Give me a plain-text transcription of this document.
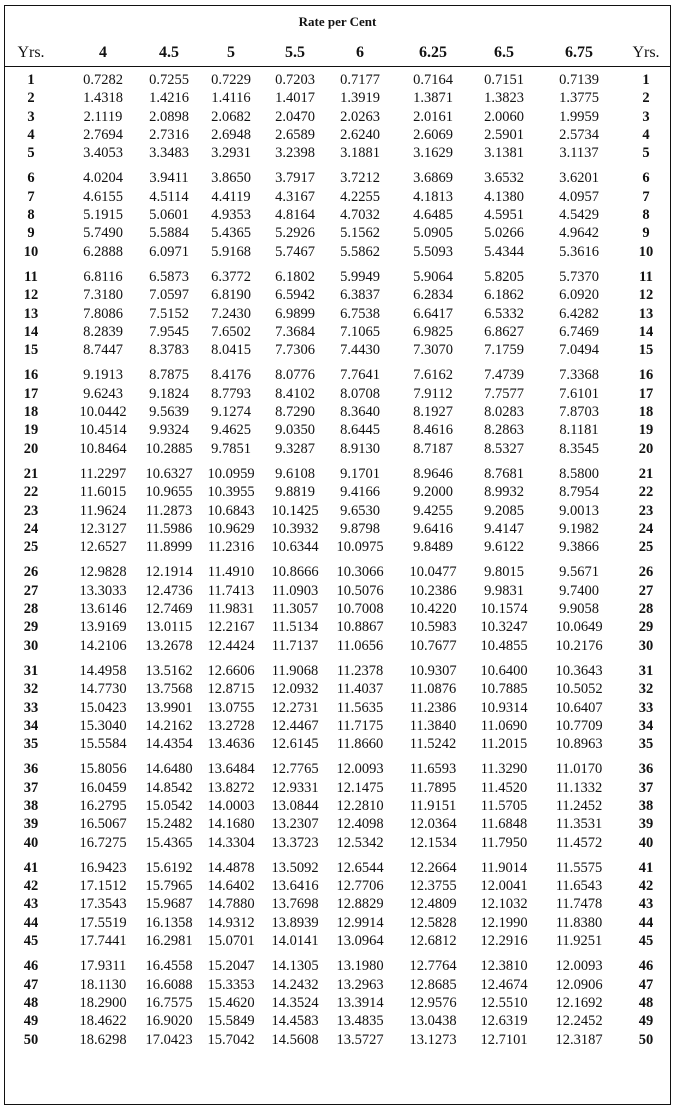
Rate per Cent
Yrs.	4	4.5	5	5.5	6	6.25	6.5	6.75	Yrs.
1	0.7282	0.7255	0.7229	0.7203	0.7177	0.7164	0.7151	0.7139	1
2	1.4318	1.4216	1.4116	1.4017	1.3919	1.3871	1.3823	1.3775	2
3	2.1119	2.0898	2.0682	2.0470	2.0263	2.0161	2.0060	1.9959	3
4	2.7694	2.7316	2.6948	2.6589	2.6240	2.6069	2.5901	2.5734	4
5	3.4053	3.3483	3.2931	3.2398	3.1881	3.1629	3.1381	3.1137	5
6	4.0204	3.9411	3.8650	3.7917	3.7212	3.6869	3.6532	3.6201	6
7	4.6155	4.5114	4.4119	4.3167	4.2255	4.1813	4.1380	4.0957	7
8	5.1915	5.0601	4.9353	4.8164	4.7032	4.6485	4.5951	4.5429	8
9	5.7490	5.5884	5.4365	5.2926	5.1562	5.0905	5.0266	4.9642	9
10	6.2888	6.0971	5.9168	5.7467	5.5862	5.5093	5.4344	5.3616	10
11	6.8116	6.5873	6.3772	6.1802	5.9949	5.9064	5.8205	5.7370	11
12	7.3180	7.0597	6.8190	6.5942	6.3837	6.2834	6.1862	6.0920	12
13	7.8086	7.5152	7.2430	6.9899	6.7538	6.6417	6.5332	6.4282	13
14	8.2839	7.9545	7.6502	7.3684	7.1065	6.9825	6.8627	6.7469	14
15	8.7447	8.3783	8.0415	7.7306	7.4430	7.3070	7.1759	7.0494	15
16	9.1913	8.7875	8.4176	8.0776	7.7641	7.6162	7.4739	7.3368	16
17	9.6243	9.1824	8.7793	8.4102	8.0708	7.9112	7.7577	7.6101	17
18	10.0442	9.5639	9.1274	8.7290	8.3640	8.1927	8.0283	7.8703	18
19	10.4514	9.9324	9.4625	9.0350	8.6445	8.4616	8.2863	8.1181	19
20	10.8464	10.2885	9.7851	9.3287	8.9130	8.7187	8.5327	8.3545	20
21	11.2297	10.6327	10.0959	9.6108	9.1701	8.9646	8.7681	8.5800	21
22	11.6015	10.9655	10.3955	9.8819	9.4166	9.2000	8.9932	8.7954	22
23	11.9624	11.2873	10.6843	10.1425	9.6530	9.4255	9.2085	9.0013	23
24	12.3127	11.5986	10.9629	10.3932	9.8798	9.6416	9.4147	9.1982	24
25	12.6527	11.8999	11.2316	10.6344	10.0975	9.8489	9.6122	9.3866	25
26	12.9828	12.1914	11.4910	10.8666	10.3066	10.0477	9.8015	9.5671	26
27	13.3033	12.4736	11.7413	11.0903	10.5076	10.2386	9.9831	9.7400	27
28	13.6146	12.7469	11.9831	11.3057	10.7008	10.4220	10.1574	9.9058	28
29	13.9169	13.0115	12.2167	11.5134	10.8867	10.5983	10.3247	10.0649	29
30	14.2106	13.2678	12.4424	11.7137	11.0656	10.7677	10.4855	10.2176	30
31	14.4958	13.5162	12.6606	11.9068	11.2378	10.9307	10.6400	10.3643	31
32	14.7730	13.7568	12.8715	12.0932	11.4037	11.0876	10.7885	10.5052	32
33	15.0423	13.9901	13.0755	12.2731	11.5635	11.2386	10.9314	10.6407	33
34	15.3040	14.2162	13.2728	12.4467	11.7175	11.3840	11.0690	10.7709	34
35	15.5584	14.4354	13.4636	12.6145	11.8660	11.5242	11.2015	10.8963	35
36	15.8056	14.6480	13.6484	12.7765	12.0093	11.6593	11.3290	11.0170	36
37	16.0459	14.8542	13.8272	12.9331	12.1475	11.7895	11.4520	11.1332	37
38	16.2795	15.0542	14.0003	13.0844	12.2810	11.9151	11.5705	11.2452	38
39	16.5067	15.2482	14.1680	13.2307	12.4098	12.0364	11.6848	11.3531	39
40	16.7275	15.4365	14.3304	13.3723	12.5342	12.1534	11.7950	11.4572	40
41	16.9423	15.6192	14.4878	13.5092	12.6544	12.2664	11.9014	11.5575	41
42	17.1512	15.7965	14.6402	13.6416	12.7706	12.3755	12.0041	11.6543	42
43	17.3543	15.9687	14.7880	13.7698	12.8829	12.4809	12.1032	11.7478	43
44	17.5519	16.1358	14.9312	13.8939	12.9914	12.5828	12.1990	11.8380	44
45	17.7441	16.2981	15.0701	14.0141	13.0964	12.6812	12.2916	11.9251	45
46	17.9311	16.4558	15.2047	14.1305	13.1980	12.7764	12.3810	12.0093	46
47	18.1130	16.6088	15.3353	14.2432	13.2963	12.8685	12.4674	12.0906	47
48	18.2900	16.7575	15.4620	14.3524	13.3914	12.9576	12.5510	12.1692	48
49	18.4622	16.9020	15.5849	14.4583	13.4835	13.0438	12.6319	12.2452	49
50	18.6298	17.0423	15.7042	14.5608	13.5727	13.1273	12.7101	12.3187	50
